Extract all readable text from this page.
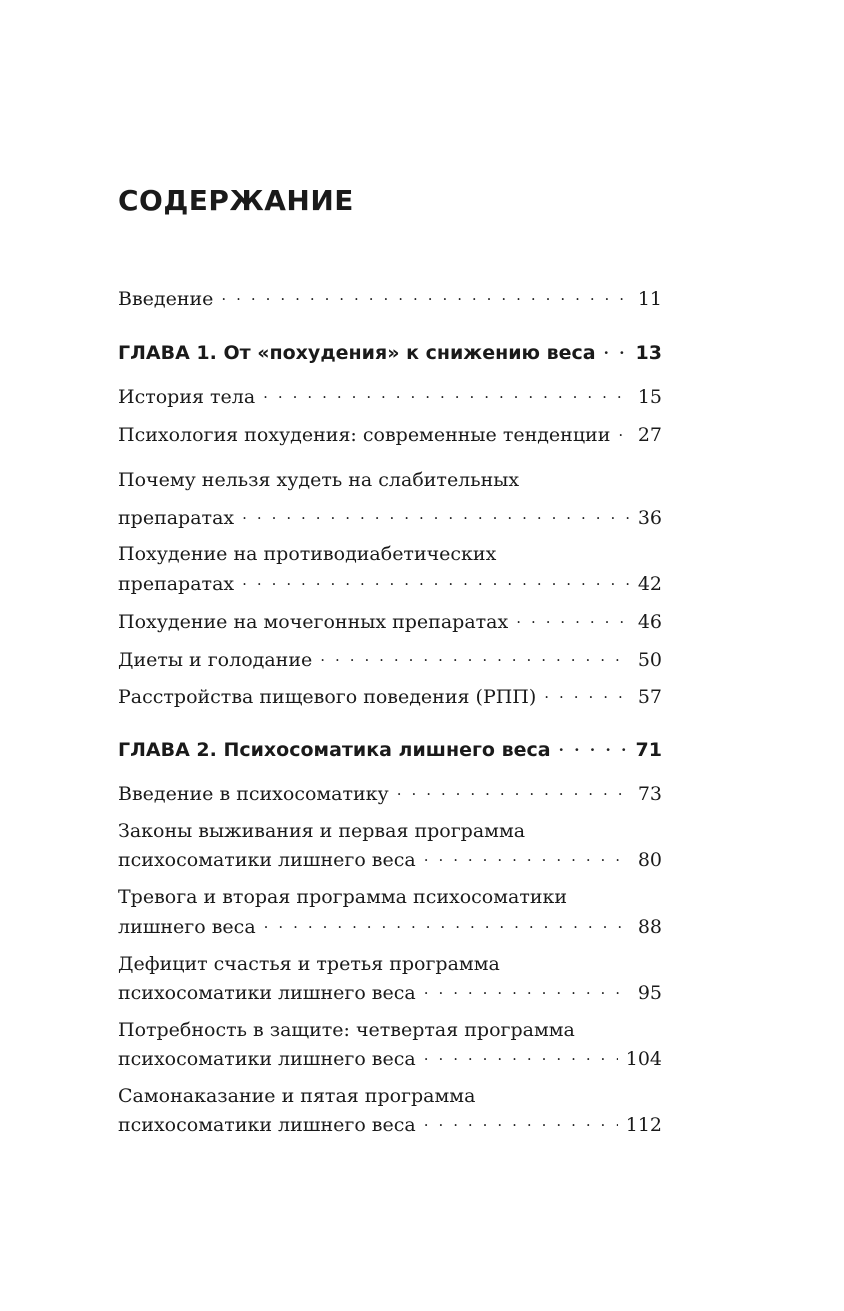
СОДЕРЖАНИЕ
Введение . . .	11
ГЛАВА 1. От «похудения» к снижению веса . . . 13
История тела . . .	15
Психология похудения: современные тенденции . . . 27
Почему нельзя худеть на слабительных
препаратах . . .	36
Похудение на противодиабетических
препаратах . . .	42
Похудение на мочегонных препаратах . . .	46
Диеты и голодание . . .	50
Расстройства пищевого поведения (РПП) . . .	57
ГЛАВА 2. Психосоматика лишнего веса . . .	71
Введение в психосоматику . . .	73
Законы выживания и первая программа
психосоматики лишнего веса . . .	80
Тревога и вторая программа психосоматики
лишнего веса . . .	88
Дефицит счастья и третья программа
психосоматики лишнего веса . . .	95
Потребность в защите: четвертая программа
психосоматики лишнего веса . . .	104
Самонаказание и пятая программа
психосоматики лишнего веса . . .	112
